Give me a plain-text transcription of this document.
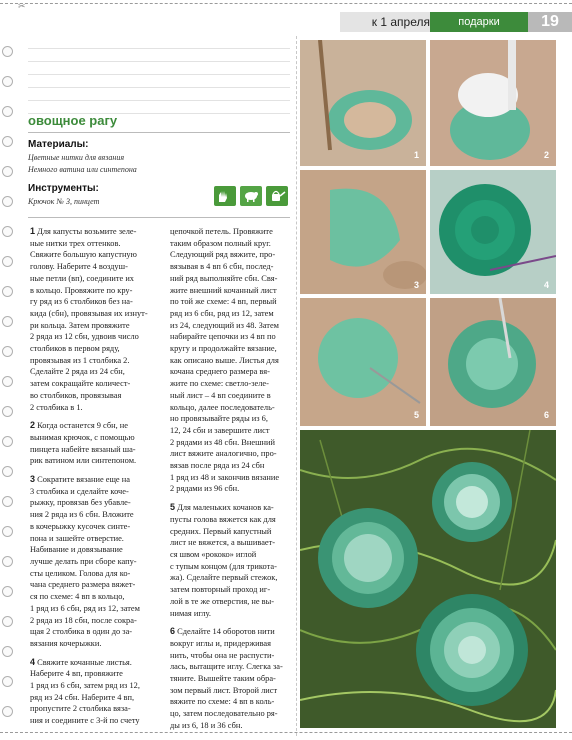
✂
к 1 апреля	подарки	19
овощное рагу
Материалы:
Цветные нитки для вязания
Немного ватина или синтепона
Инструменты:
Крючок № 3, пинцет

1 Для капусты возьмите зеле-
ные нитки трех оттенков.
Свяжите большую капустную
голову. Наберите 4 воздуш-
ные петли (вп), соедините их
в кольцо. Провяжите по кру-
гу ряд из 6 столбиков без на-
кида (сбн), провязывая их изнут-
ри кольца. Затем провяжите
2 ряда из 12 сбн, удвоив число
столбиков в первом ряду,
провязывая из 1 столбика 2.
Сделайте 2 ряда из 24 сбн,
затем сокращайте количест-
во столбиков, провязывая
2 столбика в 1.

2 Когда останется 9 сбн, не
вынимая крючок, с помощью
пинцета набейте вязаный ша-
рик ватином или синтепоном.

3 Сократите вязание еще на
3 столбика и сделайте кочe-
рыжку, провязав без убавле-
ния 2 ряда из 6 сбн. Вложите
в кочерыжку кусочек синте-
пона и зашейте отверстие.
Набивание и довязывание
лучше делать при сборе капу-
сты целиком. Голова для ко-
чана среднего размера вяжет-
ся по схеме: 4 вп в кольцо,
1 ряд из 6 сбн, ряд из 12, затем
2 ряда из 18 сбн, после сокра-
щая 2 столбика в один до за-
вязания кочерыжки.

4 Свяжите кочанные листья.
Наберите 4 вп, провяжите
1 ряд из 6 сбн, затем ряд из 12,
ряд из 24 сбн. Наберите 4 вп,
пропустите 2 столбика вяза-
ния и соедините с 3-й по счету

цепочкой петель. Провяжите
таким образом полный круг.
Следующий ряд вяжите, про-
вязывая в 4 вп 6 сбн, послед-
ний ряд выполняйте сбн. Свя-
жите внешний кочанный лист
по той же схеме: 4 вп, первый
ряд из 6 сбн, ряд из 12, затем
из 24, следующий из 48. Затем
набирайте цепочки из 4 вп по
кругу и продолжайте вязание,
как описано выше. Листья для
кочана среднего размера вя-
жите по схеме: светло-зеле-
ный лист – 4 вп соедините в
кольцо, далее последователь-
но провязывайте ряды из 6,
12, 24 сбн и завершите лист
2 рядами из 48 сбн. Внешний
лист вяжите аналогично, про-
вязав после ряда из 24 сбн
1 ряд из 48 и закончив вязание
2 рядами из 96 сбн.

5 Для маленьких кочанов ка-
пусты голова вяжется как для
средних. Первый капустный
лист не вяжется, а вышивает-
ся швом «рококо» иглой
с тупым концом (для трикота-
жа). Сделайте первый стежок,
затем повторный проход иг-
лой в те же отверстия, не вы-
нимая иглу.

6 Сделайте 14 оборотов нити
вокруг иглы и, придерживая
нить, чтобы она не распусти-
лась, вытащите иглу. Слегка за-
тяните. Вышейте таким обра-
зом первый лист. Второй лист
вяжите по схеме: 4 вп в коль-
цо, затем последовательно ря-
ды из 6, 18 и 36 сбн.

1	2
3	4
5	6
